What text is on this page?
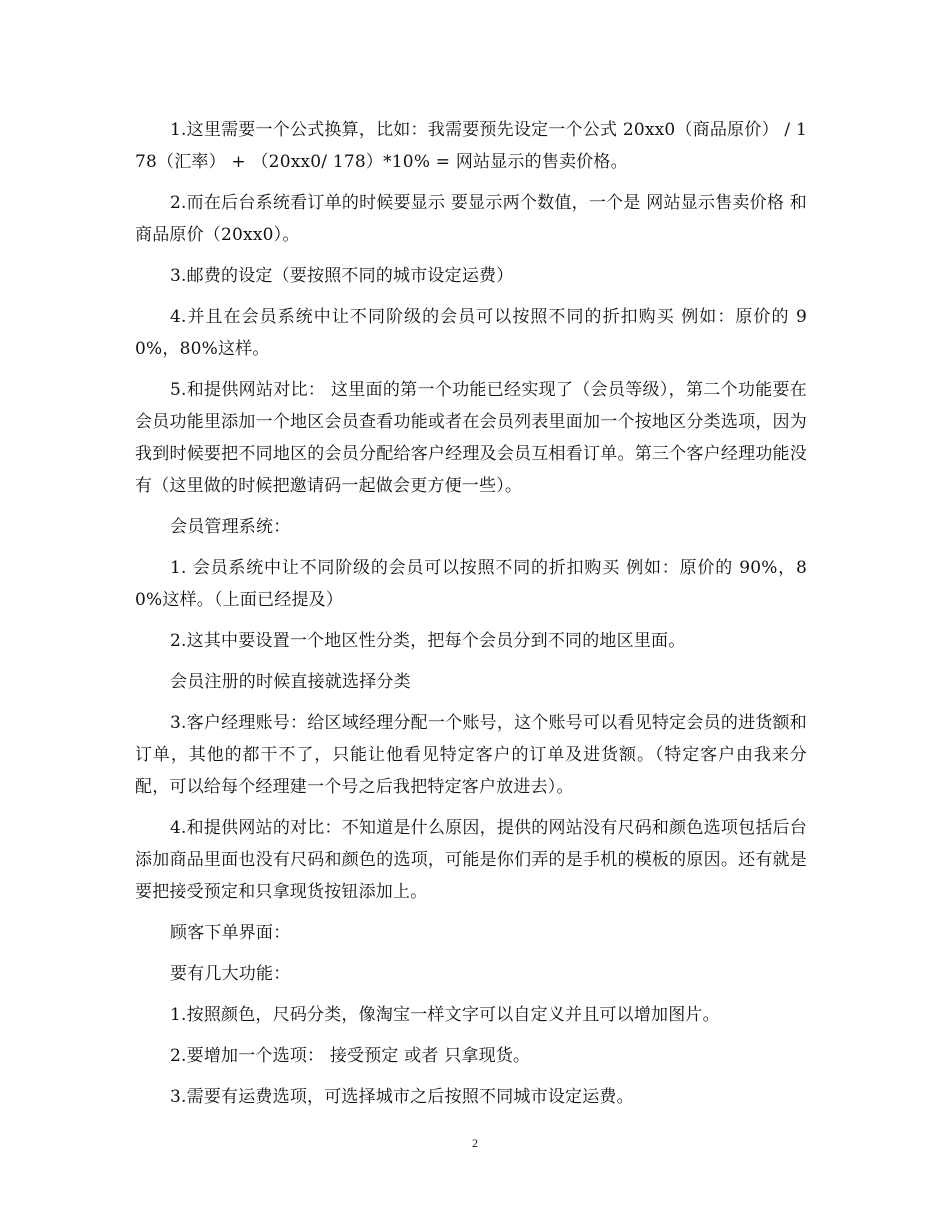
1.这里需要一个公式换算，比如：我需要预先设定一个公式 20xx0（商品原价） / 178（汇率） + （20xx0/ 178）*10% = 网站显示的售卖价格。

2.而在后台系统看订单的时候要显示 要显示两个数值，一个是 网站显示售卖价格 和 商品原价（20xx0）。

3.邮费的设定（要按照不同的城市设定运费）

4.并且在会员系统中让不同阶级的会员可以按照不同的折扣购买 例如：原价的 90%，80%这样。

5.和提供网站对比： 这里面的第一个功能已经实现了（会员等级），第二个功能要在会员功能里添加一个地区会员查看功能或者在会员列表里面加一个按地区分类选项，因为我到时候要把不同地区的会员分配给客户经理及会员互相看订单。第三个客户经理功能没有（这里做的时候把邀请码一起做会更方便一些）。

会员管理系统：

1. 会员系统中让不同阶级的会员可以按照不同的折扣购买 例如：原价的 90%，80%这样。（上面已经提及）

2.这其中要设置一个地区性分类，把每个会员分到不同的地区里面。

会员注册的时候直接就选择分类

3.客户经理账号：给区域经理分配一个账号，这个账号可以看见特定会员的进货额和订单，其他的都干不了，只能让他看见特定客户的订单及进货额。（特定客户由我来分配，可以给每个经理建一个号之后我把特定客户放进去）。

4.和提供网站的对比：不知道是什么原因，提供的网站没有尺码和颜色选项包括后台添加商品里面也没有尺码和颜色的选项，可能是你们弄的是手机的模板的原因。还有就是要把接受预定和只拿现货按钮添加上。

顾客下单界面：

要有几大功能：

1.按照颜色，尺码分类，像淘宝一样文字可以自定义并且可以增加图片。

2.要增加一个选项： 接受预定 或者 只拿现货。

3.需要有运费选项，可选择城市之后按照不同城市设定运费。

2
